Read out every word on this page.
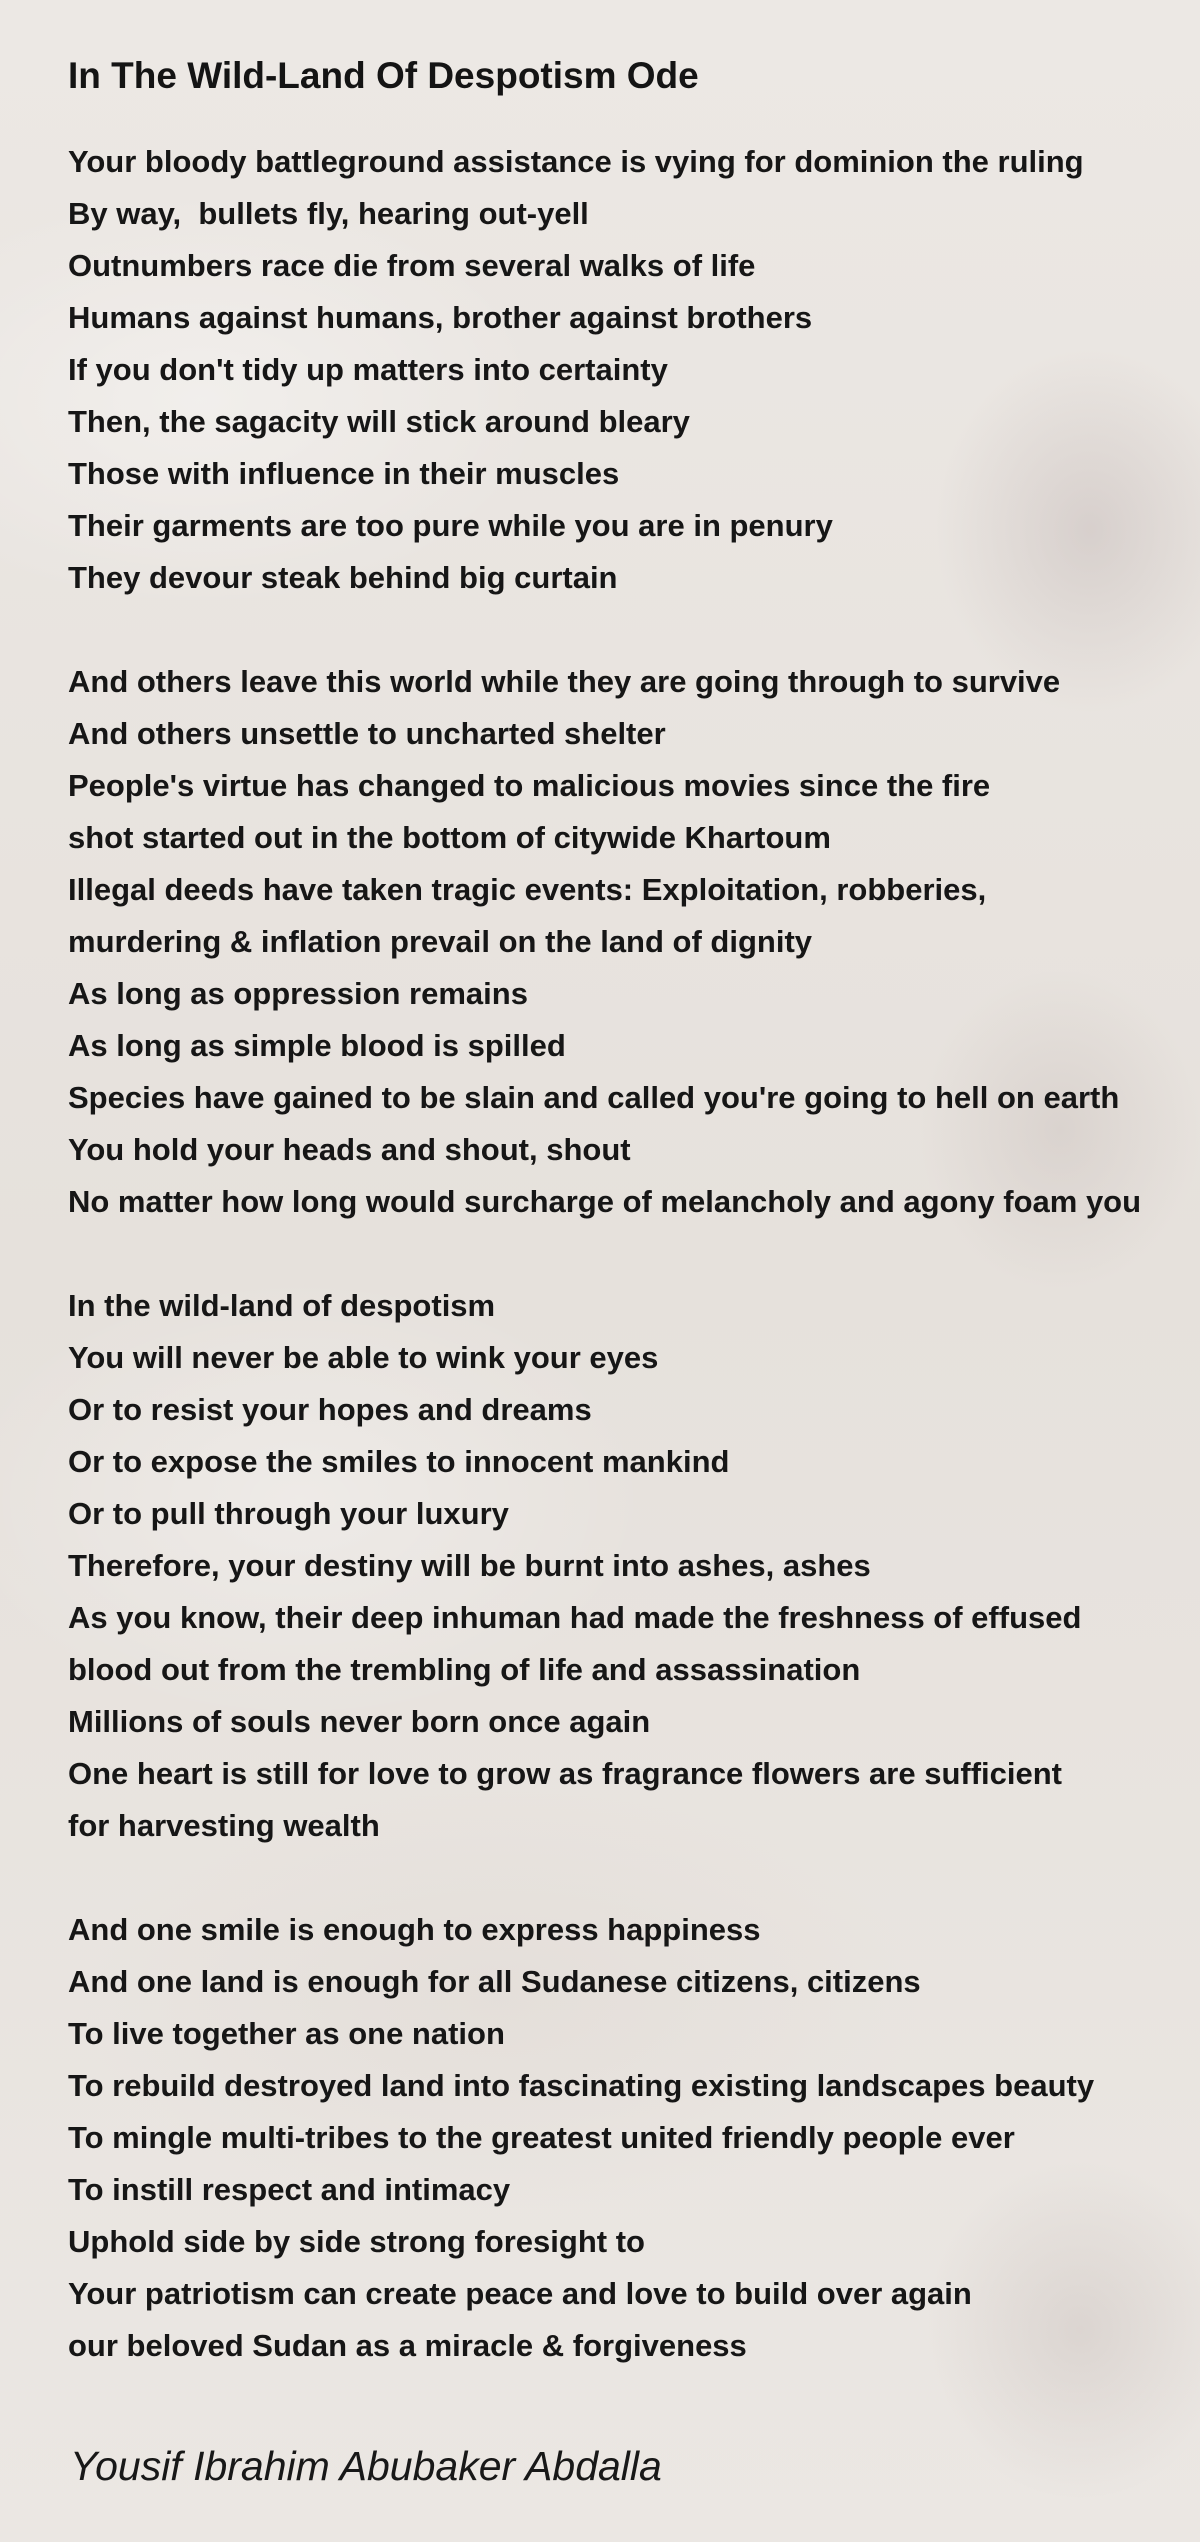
In The Wild-Land Of Despotism Ode
Your bloody battleground assistance is vying for dominion the ruling
By way,  bullets fly, hearing out-yell
Outnumbers race die from several walks of life
Humans against humans, brother against brothers
If you don't tidy up matters into certainty
Then, the sagacity will stick around bleary
Those with influence in their muscles
Their garments are too pure while you are in penury
They devour steak behind big curtain
And others leave this world while they are going through to survive
And others unsettle to uncharted shelter
People's virtue has changed to malicious movies since the fire
shot started out in the bottom of citywide Khartoum
Illegal deeds have taken tragic events: Exploitation, robberies,
murdering & inflation prevail on the land of dignity
As long as oppression remains
As long as simple blood is spilled
Species have gained to be slain and called you're going to hell on earth
You hold your heads and shout, shout
No matter how long would surcharge of melancholy and agony foam you
In the wild-land of despotism
You will never be able to wink your eyes
Or to resist your hopes and dreams
Or to expose the smiles to innocent mankind
Or to pull through your luxury
Therefore, your destiny will be burnt into ashes, ashes
As you know, their deep inhuman had made the freshness of effused
blood out from the trembling of life and assassination
Millions of souls never born once again
One heart is still for love to grow as fragrance flowers are sufficient
for harvesting wealth
And one smile is enough to express happiness
And one land is enough for all Sudanese citizens, citizens
To live together as one nation
To rebuild destroyed land into fascinating existing landscapes beauty
To mingle multi-tribes to the greatest united friendly people ever
To instill respect and intimacy
Uphold side by side strong foresight to
Your patriotism can create peace and love to build over again
our beloved Sudan as a miracle & forgiveness
Yousif Ibrahim Abubaker Abdalla
